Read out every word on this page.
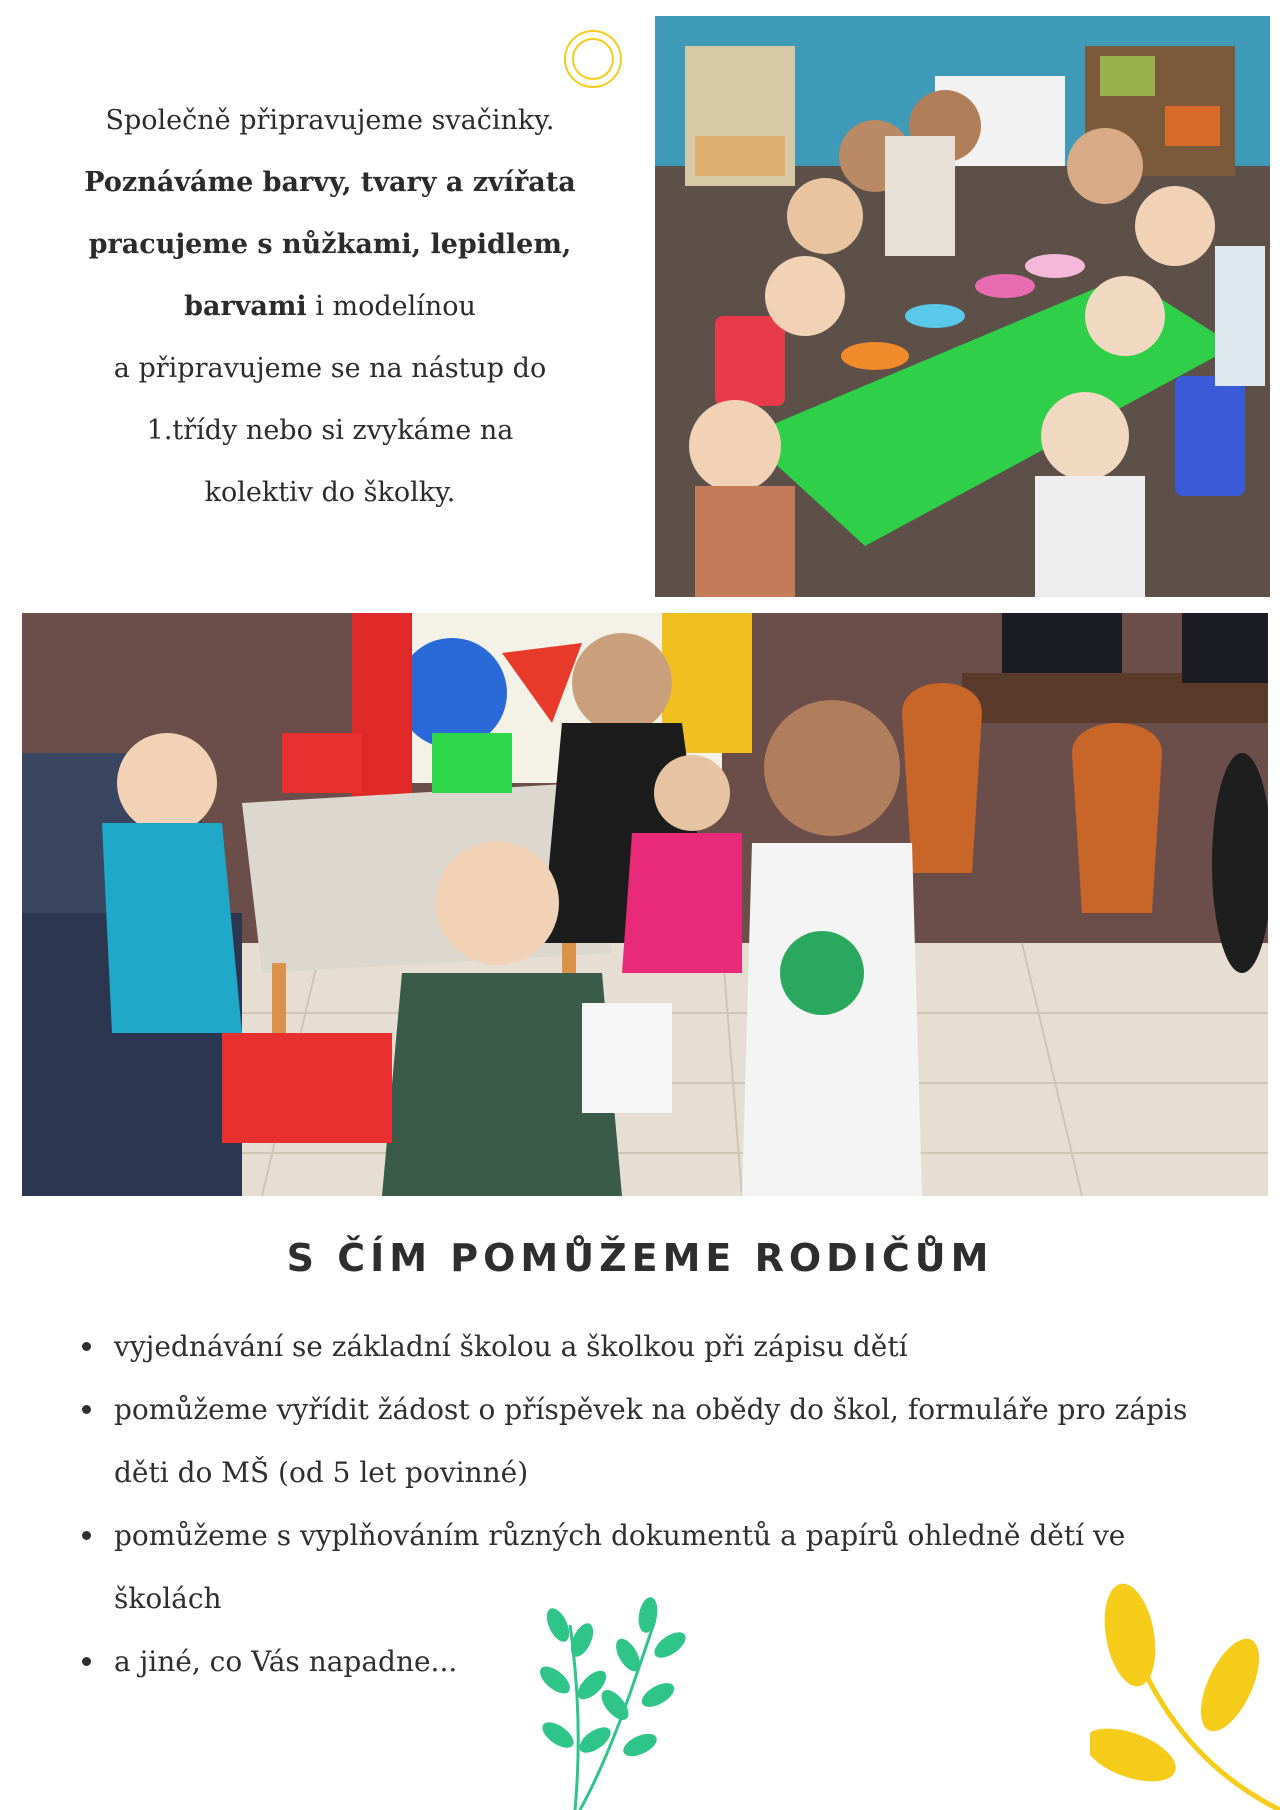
Společně připravujeme svačinky.
Poznáváme barvy, tvary a zvířata
pracujeme s nůžkami, lepidlem,
barvami i modelínou
a připravujeme se na nástup do
1.třídy nebo si zvykáme na
kolektiv do školky.
S ČÍM POMŮŽEME RODIČŮM
vyjednávání se základní školou a školkou při zápisu dětí
pomůžeme vyřídit žádost o příspěvek na obědy do škol, formuláře pro zápis děti do MŠ (od 5 let povinné)
pomůžeme s vyplňováním různých dokumentů a papírů ohledně dětí ve školách
a jiné, co Vás napadne...
